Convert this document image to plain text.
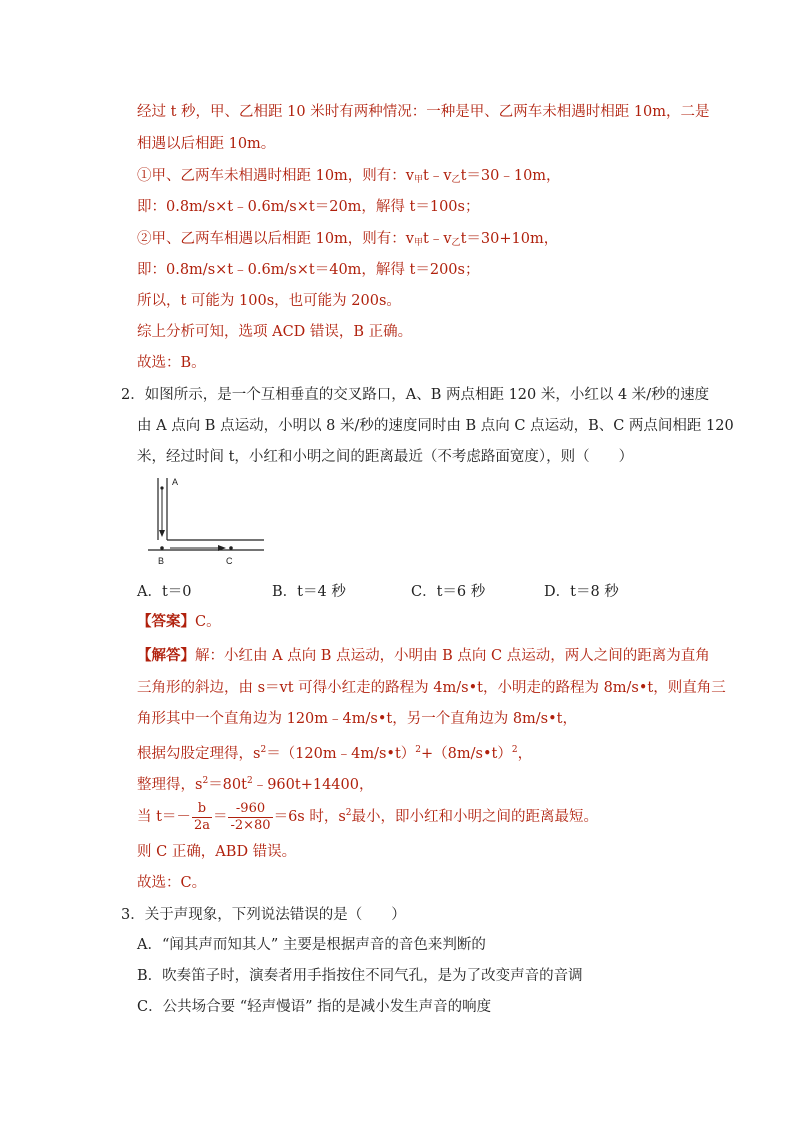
经过 t 秒，甲、乙相距 10 米时有两种情况：一种是甲、乙两车未相遇时相距 10m，二是
相遇以后相距 10m。
①甲、乙两车未相遇时相距 10m，则有：$v_甲t﹣v_乙t=30﹣10m$，
即：0.8m/s×t﹣0.6m/s×t＝20m，解得 t＝100s；
②甲、乙两车相遇以后相距 10m，则有：$v_甲t﹣v_乙t=30+10m$，
即：0.8m/s×t﹣0.6m/s×t＝40m，解得 t＝200s；
所以，t 可能为 100s，也可能为 200s。
综上分析可知，选项 ACD 错误，B 正确。
故选：B。
2．如图所示，是一个互相垂直的交叉路口，A、B 两点相距 120 米，小红以 4 米/秒的速度
由 A 点向 B 点运动，小明以 8 米/秒的速度同时由 B 点向 C 点运动，B、C 两点间相距 120
米，经过时间 t，小红和小明之间的距离最近（不考虑路面宽度），则（　　）
A
B	C
A．t＝0	B．t＝4 秒	C．t＝6 秒	D．t＝8 秒
【答案】C。
【解答】解：小红由 A 点向 B 点运动，小明由 B 点向 C 点运动，两人之间的距离为直角
三角形的斜边，由 s＝vt 可得小红走的路程为 4m/s•t，小明走的路程为 8m/s•t，则直角三
角形其中一个直角边为 120m﹣4m/s•t，另一个直角边为 8m/s•t，
根据勾股定理得，$s^2=(120m﹣4m/s•t)^2+(8m/s•t)^2$，
整理得，$s^2=80t^2﹣960t+14400$，
当 $t=- \frac{b}{2a} = \frac{-960}{-2\times 80} =6s$ 时，$s^2$最小，即小红和小明之间的距离最短。
则 C 正确，ABD 错误。
故选：C。
3．关于声现象，下列说法错误的是（　　）
A．“闻其声而知其人” 主要是根据声音的音色来判断的
B．吹奏笛子时，演奏者用手指按住不同气孔，是为了改变声音的音调
C．公共场合要 “轻声慢语” 指的是减小发生声音的响度
